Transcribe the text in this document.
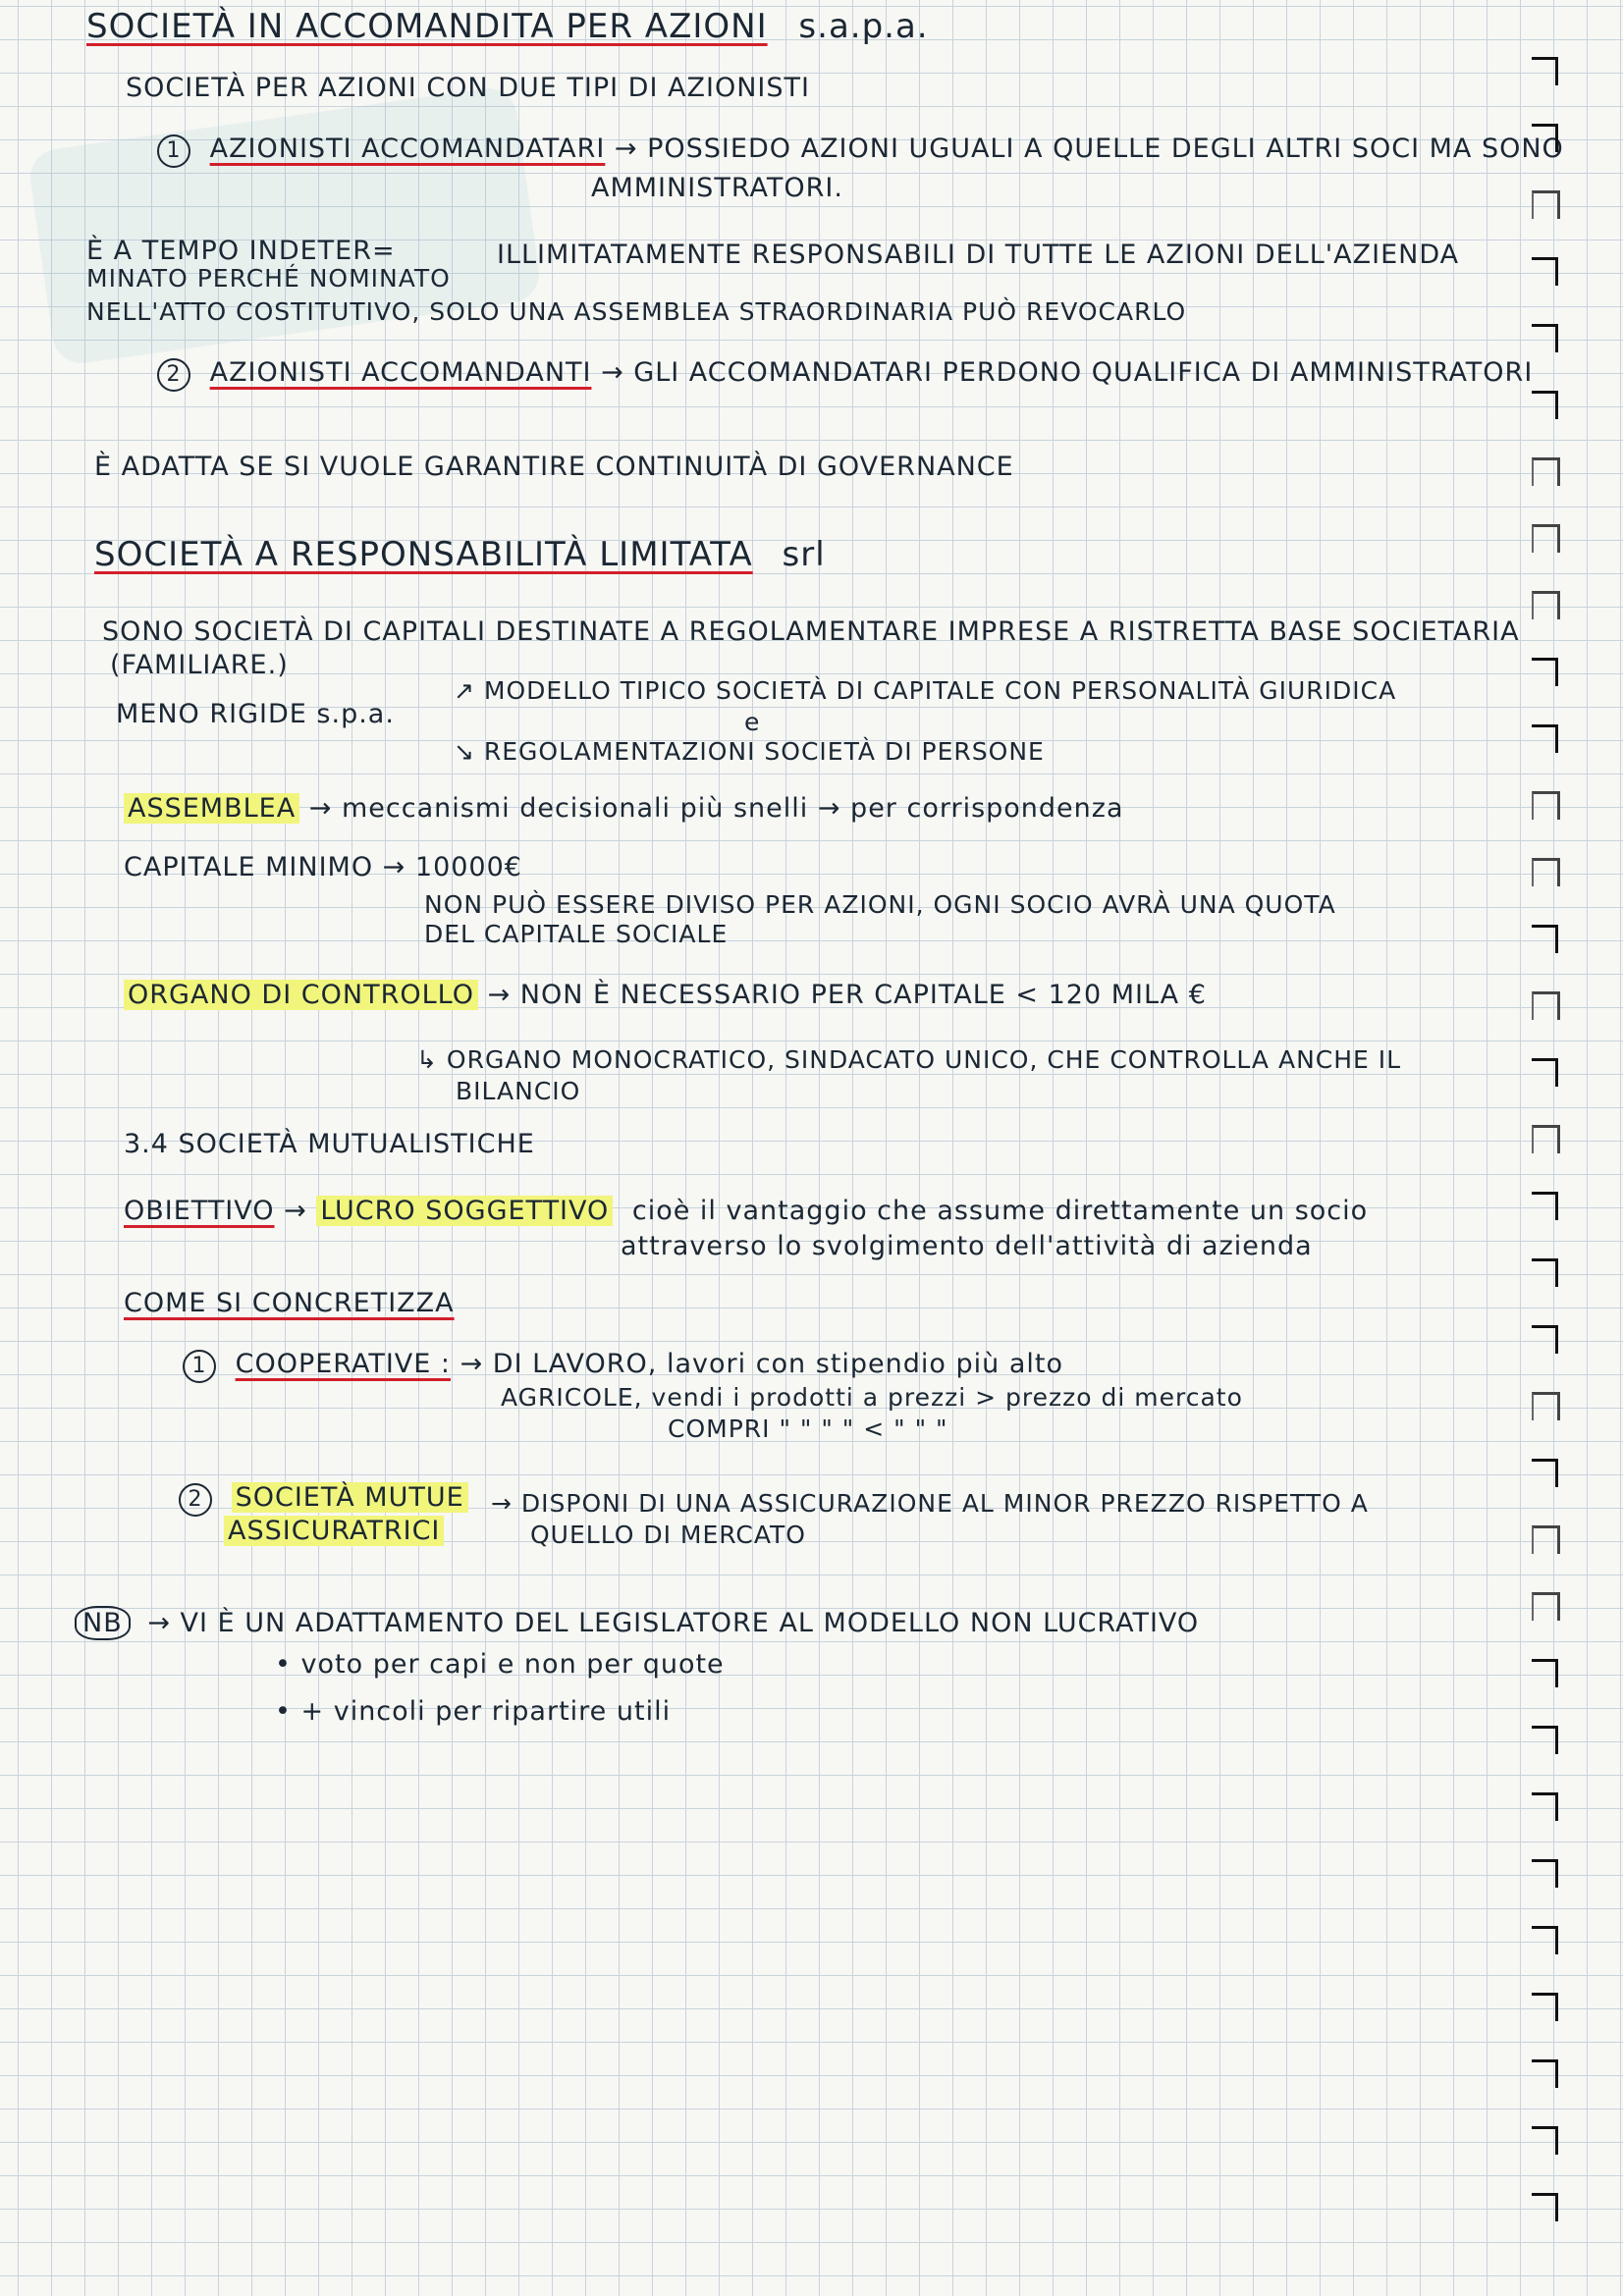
SOCIETÀ IN ACCOMANDITA PER AZIONI s.a.p.a.
SOCIETÀ PER AZIONI CON DUE TIPI DI AZIONISTI
1 AZIONISTI ACCOMANDATARI → POSSIEDO AZIONI UGUALI A QUELLE DEGLI ALTRI SOCI MA SONO
AMMINISTRATORI.
È A TEMPO INDETER=	ILLIMITATAMENTE RESPONSABILI DI TUTTE LE AZIONI DELL'AZIENDA
MINATO PERCHÉ NOMINATO
NELL'ATTO COSTITUTIVO, SOLO UNA ASSEMBLEA STRAORDINARIA PUÒ REVOCARLO
2 AZIONISTI ACCOMANDANTI → GLI ACCOMANDATARI PERDONO QUALIFICA DI AMMINISTRATORI
È ADATTA SE SI VUOLE GARANTIRE CONTINUITÀ DI GOVERNANCE
SOCIETÀ A RESPONSABILITÀ LIMITATA srl
SONO SOCIETÀ DI CAPITALI DESTINATE A REGOLAMENTARE IMPRESE A RISTRETTA BASE SOCIETARIA
(FAMILIARE.)
MENO RIGIDE s.p.a.
↗ MODELLO TIPICO SOCIETÀ DI CAPITALE CON PERSONALITÀ GIURIDICA
e
↘ REGOLAMENTAZIONI SOCIETÀ DI PERSONE
ASSEMBLEA → meccanismi decisionali più snelli → per corrispondenza
CAPITALE MINIMO → 10000€
NON PUÒ ESSERE DIVISO PER AZIONI, OGNI SOCIO AVRÀ UNA QUOTA
DEL CAPITALE SOCIALE
ORGANO DI CONTROLLO → NON È NECESSARIO PER CAPITALE < 120 MILA €
↳ ORGANO MONOCRATICO, SINDACATO UNICO, CHE CONTROLLA ANCHE IL
BILANCIO
3.4 SOCIETÀ MUTUALISTICHE
OBIETTIVO → LUCRO SOGGETTIVO cioè il vantaggio che assume direttamente un socio
attraverso lo svolgimento dell'attività di azienda
COME SI CONCRETIZZA
1 COOPERATIVE : → DI LAVORO, lavori con stipendio più alto
AGRICOLE, vendi i prodotti a prezzi > prezzo di mercato
COMPRI " " " " < " " "
2 SOCIETÀ MUTUE
ASSICURATRICI
→ DISPONI DI UNA ASSICURAZIONE AL MINOR PREZZO RISPETTO A
QUELLO DI MERCATO
NB → VI È UN ADATTAMENTO DEL LEGISLATORE AL MODELLO NON LUCRATIVO
• voto per capi e non per quote
• + vincoli per ripartire utili
